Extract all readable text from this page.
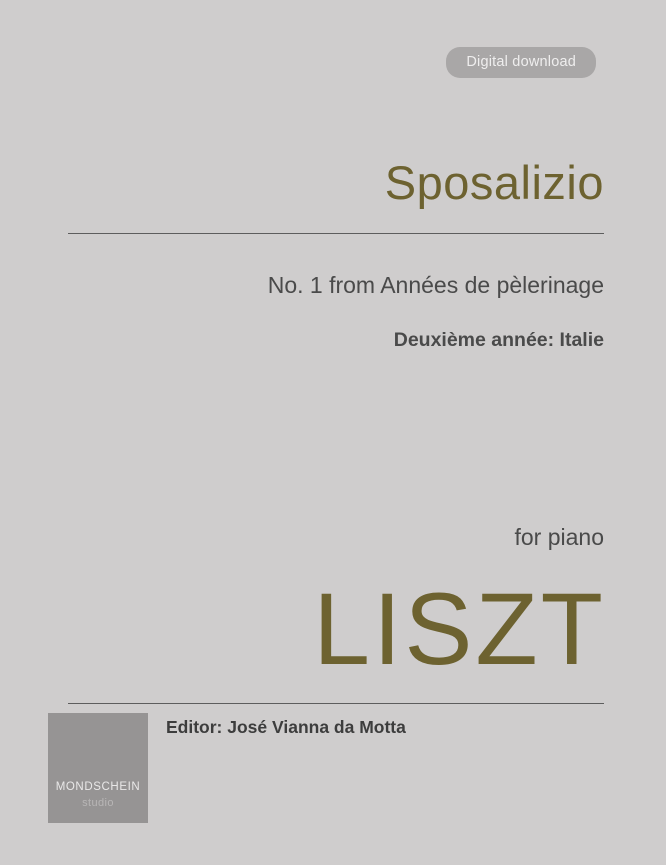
Digital download
Sposalizio
No. 1 from Années de pèlerinage
Deuxième année: Italie
for piano
LISZT
Editor: José Vianna da Motta
MONDSCHEIN
studio
